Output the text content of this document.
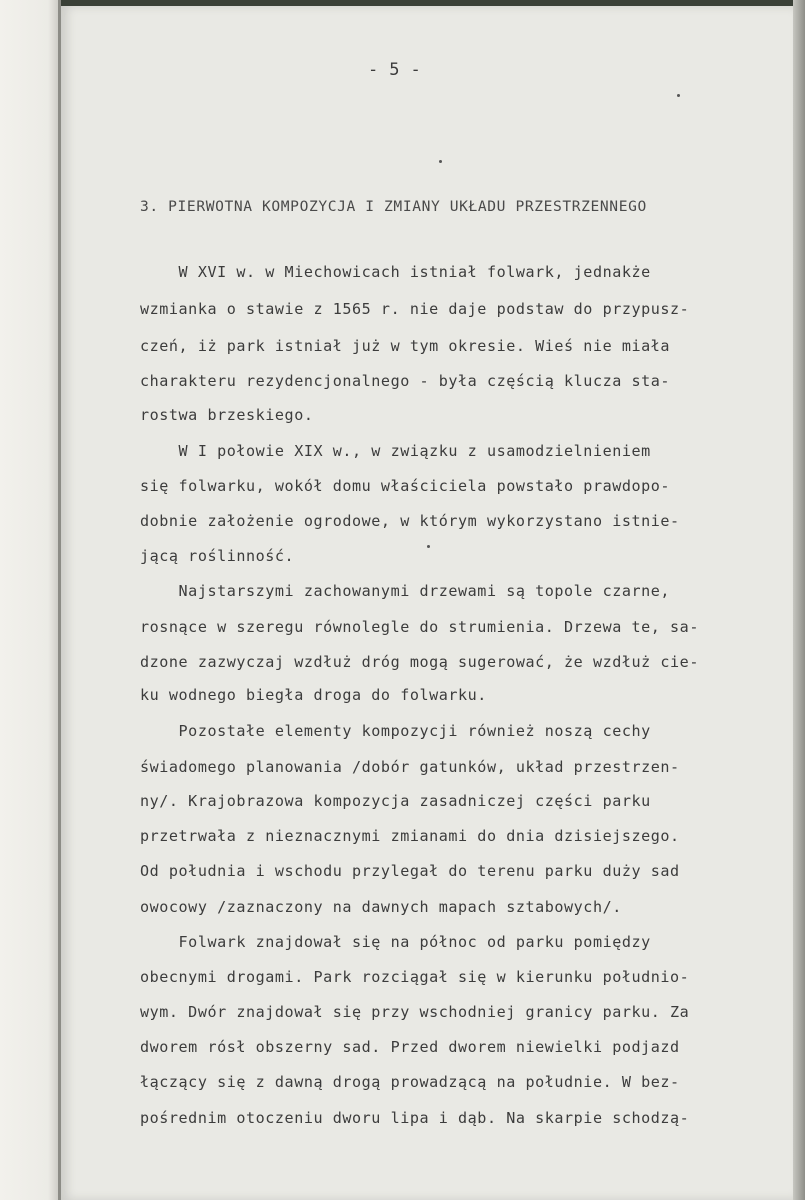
- 5 -
3. PIERWOTNA KOMPOZYCJA I ZMIANY UKŁADU PRZESTRZENNEGO
W XVI w. w Miechowicach istniał folwark, jednakże
wzmianka o stawie z 1565 r. nie daje podstaw do przypusz-
czeń, iż park istniał już w tym okresie. Wieś nie miała
charakteru rezydencjonalnego - była częścią klucza sta-
rostwa brzeskiego.
W I połowie XIX w., w związku z usamodzielnieniem
się folwarku, wokół domu właściciela powstało prawdopo-
dobnie założenie ogrodowe, w którym wykorzystano istnie-
jącą roślinność.
Najstarszymi zachowanymi drzewami są topole czarne,
rosnące w szeregu równolegle do strumienia. Drzewa te, sa-
dzone zazwyczaj wzdłuż dróg mogą sugerować, że wzdłuż cie-
ku wodnego biegła droga do folwarku.
Pozostałe elementy kompozycji również noszą cechy
świadomego planowania /dobór gatunków, układ przestrzen-
ny/. Krajobrazowa kompozycja zasadniczej części parku
przetrwała z nieznacznymi zmianami do dnia dzisiejszego.
Od południa i wschodu przylegał do terenu parku duży sad
owocowy /zaznaczony na dawnych mapach sztabowych/.
Folwark znajdował się na północ od parku pomiędzy
obecnymi drogami. Park rozciągał się w kierunku południo-
wym. Dwór znajdował się przy wschodniej granicy parku. Za
dworem rósł obszerny sad. Przed dworem niewielki podjazd
łączący się z dawną drogą prowadzącą na południe. W bez-
pośrednim otoczeniu dworu lipa i dąb. Na skarpie schodzą-
